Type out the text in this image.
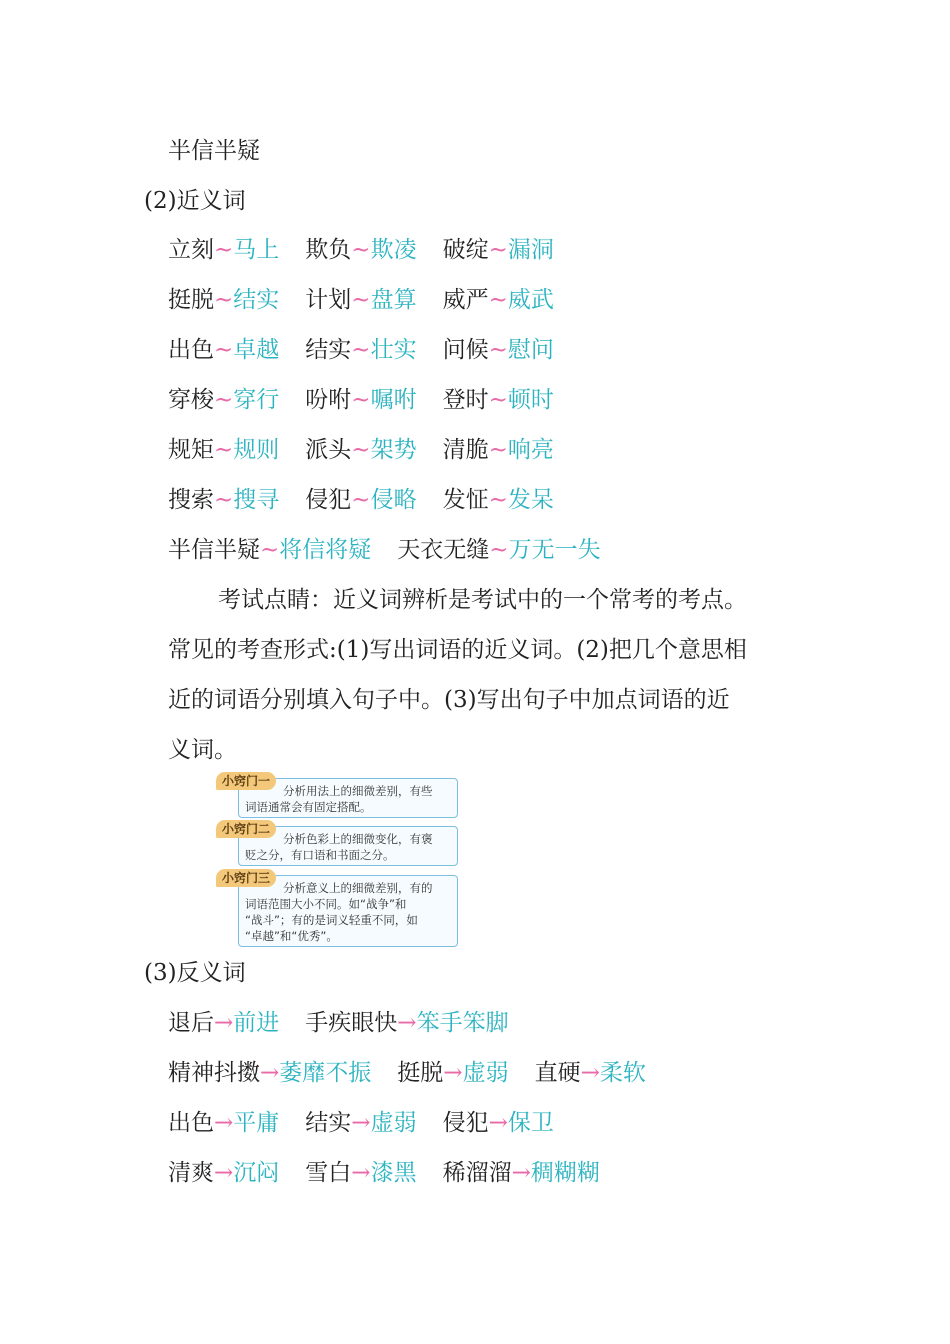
半信半疑
(2)近义词
立刻~马上 欺负~欺凌 破绽~漏洞
挺脱~结实 计划~盘算 威严~威武
出色~卓越 结实~壮实 问候~慰问
穿梭~穿行 吩咐~嘱咐 登时~顿时
规矩~规则 派头~架势 清脆~响亮
搜索~搜寻 侵犯~侵略 发怔~发呆
半信半疑~将信将疑 天衣无缝~万无一失
考试点睛：近义词辨析是考试中的一个常考的考点。
常见的考查形式:(1)写出词语的近义词。(2)把几个意思相
近的词语分别填入句子中。(3)写出句子中加点词语的近
义词。
小窍门一
分析用法上的细微差别，有些
词语通常会有固定搭配。
小窍门二
分析色彩上的细微变化，有褒
贬之分，有口语和书面之分。
小窍门三
分析意义上的细微差别，有的
词语范围大小不同。如“战争”和
“战斗”；有的是词义轻重不同，如
“卓越”和“优秀”。
(3)反义词
退后→前进 手疾眼快→笨手笨脚
精神抖擞→萎靡不振 挺脱→虚弱 直硬→柔软
出色→平庸 结实→虚弱 侵犯→保卫
清爽→沉闷 雪白→漆黑 稀溜溜→稠糊糊
